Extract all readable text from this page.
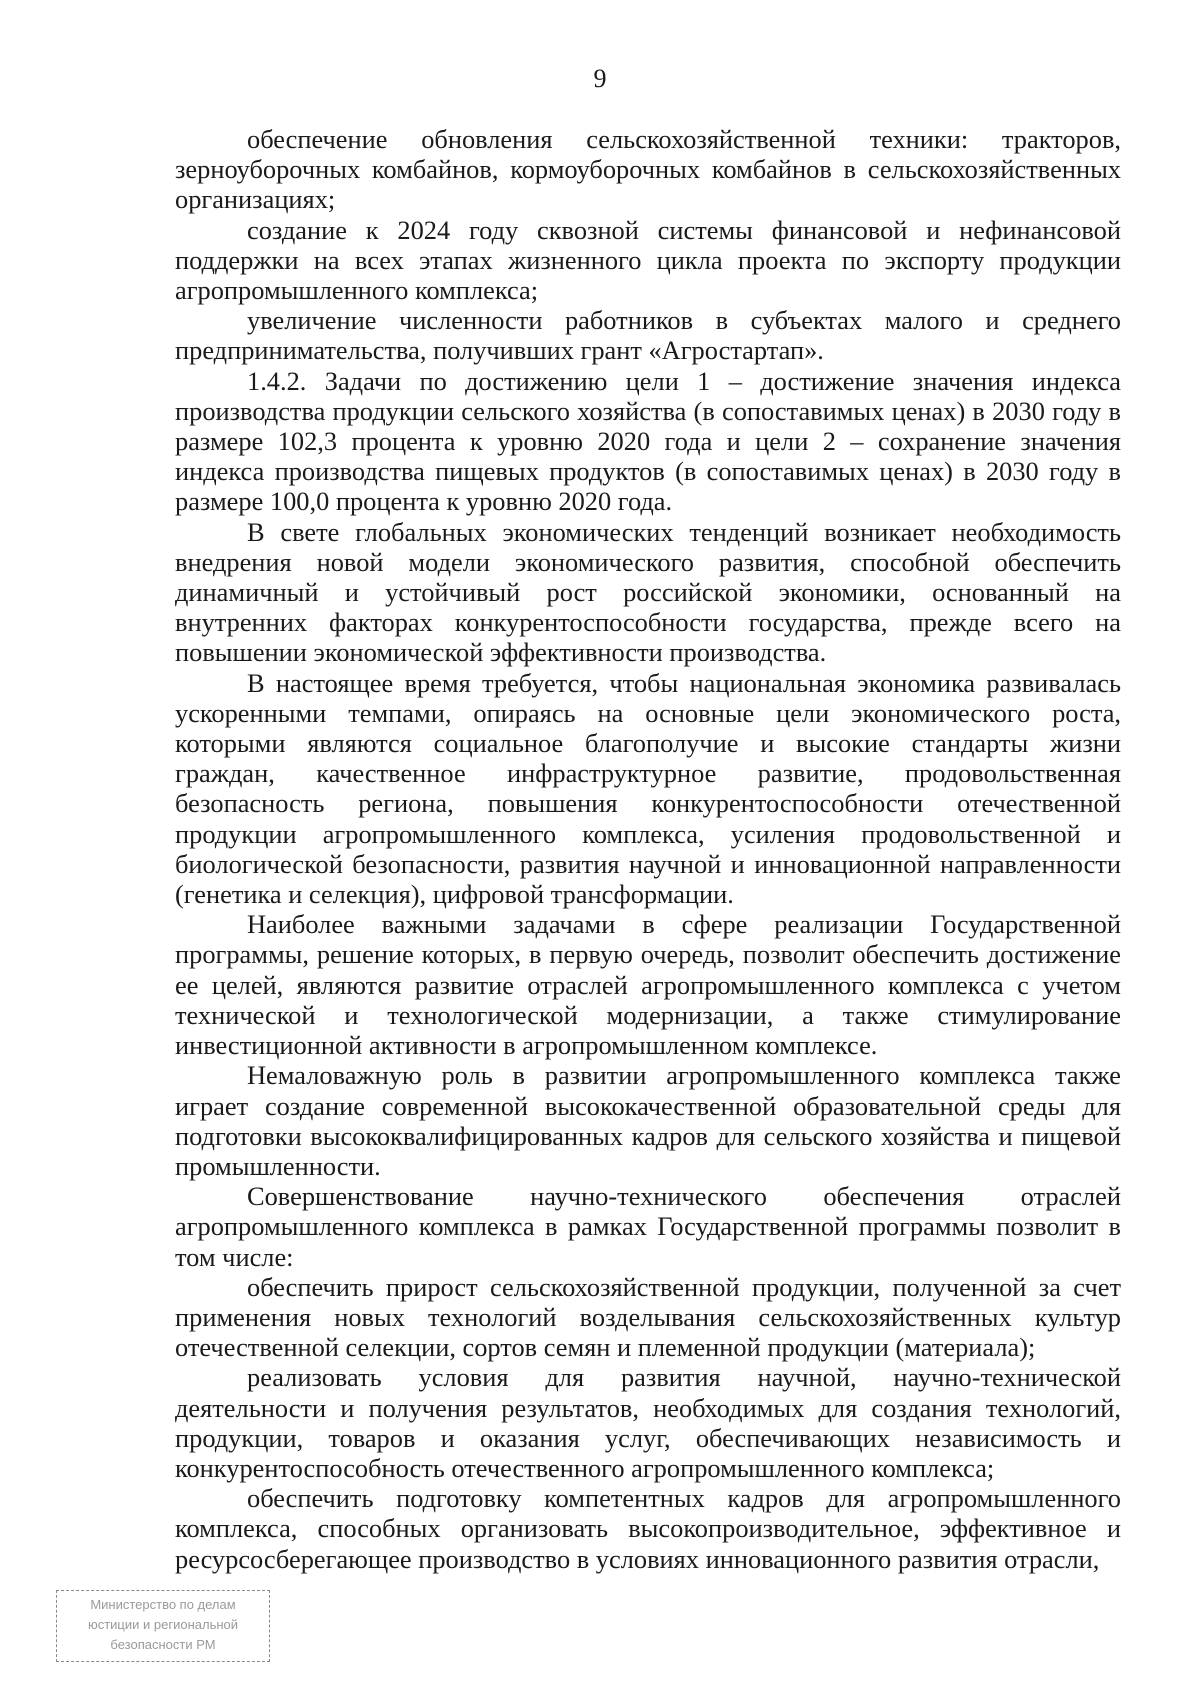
9

обеспечение обновления сельскохозяйственной техники: тракторов, зерноуборочных комбайнов, кормоуборочных комбайнов в сельскохозяйственных организациях;

создание к 2024 году сквозной системы финансовой и нефинансовой поддержки на всех этапах жизненного цикла проекта по экспорту продукции агропромышленного комплекса;

увеличение численности работников в субъектах малого и среднего предпринимательства, получивших грант «Агростартап».

1.4.2. Задачи по достижению цели 1 – достижение значения индекса производства продукции сельского хозяйства (в сопоставимых ценах) в 2030 году в размере 102,3 процента к уровню 2020 года и цели 2 – сохранение значения индекса производства пищевых продуктов (в сопоставимых ценах) в 2030 году в размере 100,0 процента к уровню 2020 года.

В свете глобальных экономических тенденций возникает необходимость внедрения новой модели экономического развития, способной обеспечить динамичный и устойчивый рост российской экономики, основанный на внутренних факторах конкурентоспособности государства, прежде всего на повышении экономической эффективности производства.

В настоящее время требуется, чтобы национальная экономика развивалась ускоренными темпами, опираясь на основные цели экономического роста, которыми являются социальное благополучие и высокие стандарты жизни граждан, качественное инфраструктурное развитие, продовольственная безопасность региона, повышения конкурентоспособности отечественной продукции агропромышленного комплекса, усиления продовольственной и биологической безопасности, развития научной и инновационной направленности (генетика и селекция), цифровой трансформации.

Наиболее важными задачами в сфере реализации Государственной программы, решение которых, в первую очередь, позволит обеспечить достижение ее целей, являются развитие отраслей агропромышленного комплекса с учетом технической и технологической модернизации, а также стимулирование инвестиционной активности в агропромышленном комплексе.

Немаловажную роль в развитии агропромышленного комплекса также играет создание современной высококачественной образовательной среды для подготовки высококвалифицированных кадров для сельского хозяйства и пищевой промышленности.

Совершенствование научно-технического обеспечения отраслей агропромышленного комплекса в рамках Государственной программы позволит в том числе:

обеспечить прирост сельскохозяйственной продукции, полученной за счет применения новых технологий возделывания сельскохозяйственных культур отечественной селекции, сортов семян и племенной продукции (материала);

реализовать условия для развития научной, научно-технической деятельности и получения результатов, необходимых для создания технологий, продукции, товаров и оказания услуг, обеспечивающих независимость и конкурентоспособность отечественного агропромышленного комплекса;

обеспечить подготовку компетентных кадров для агропромышленного комплекса, способных организовать высокопроизводительное, эффективное и ресурсосберегающее производство в условиях инновационного развития отрасли,

Министерство по делам
юстиции и региональной
безопасности РМ
